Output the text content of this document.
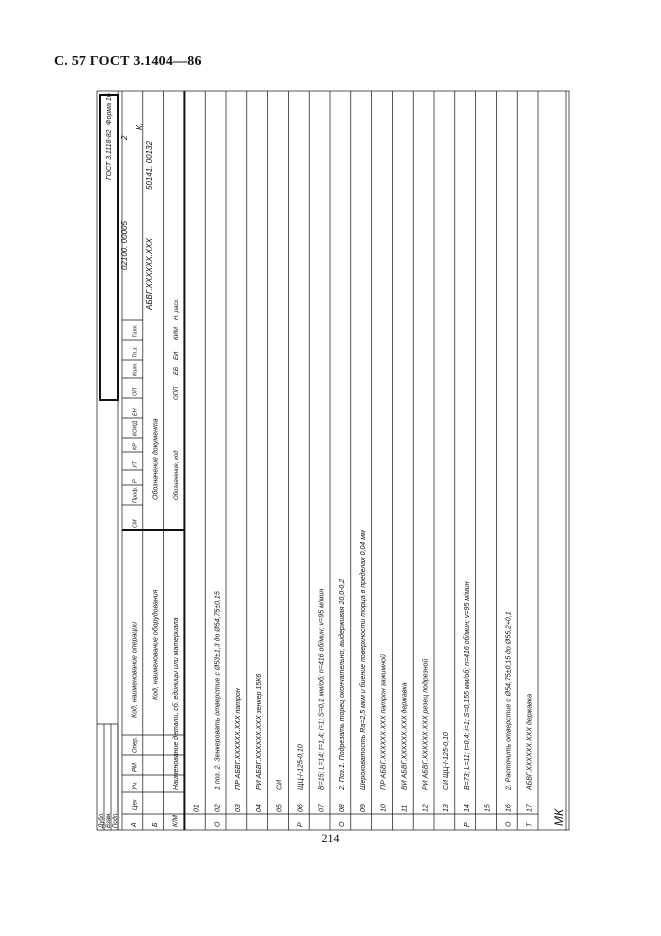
С. 57 ГОСТ 3.1404—86
Дубл. Взам. Подп.
Цех
Уч.
РМ
Опер.
Код, наименование операции Код, наименование оборудования Наименование детали, сб. единицы или материала
СМ
Проф.
Р
УТ
КР
КОИД
ЕН
ОП
Кшт.
Тп.з.
Тшт.
Обозначение документа Обозначение, код
ОПП
ЕВ
ЕИ
КИМ
Н. расх.
ГОСТ 3.1118-82
Форма 1б
02100. 00005
2
АБВГ.ХХХХХХ.ХХХ
К.
50141. 00132
А Б К/М
01
О
02
1 поз. 2. Зенкеровать отверстие с Ø53±1,3 до Ø54,75±0,15
03
ПР АБВГ.XXXXXX.XXX патрон
04
РИ АБВГ.XXXXXX.XXX зенкер 15К6
05
СИ
Р
06
ЩЦ-I-125-0,10
07
В=15; L=14; t=1,4; i=1; S=0,1 мм/об; n=416 об/мин; v=95 м/мин
О
08
2. Поз.1. Подрезать торец окончательно, выдерживая 20,0-0,2
09
Шероховатость Ra=2,5 мкм и биение поверхности торца в пределах 0,04 мм
10
ПР АБВГ.XXXXXX.XXX патрон зажимной
11
ВИ АБВГ.XXXXXX.XXX державка
12
РИ АБВГ.XXXXXX.XXX резец подрезной
13
СИ ЩЦ-I-125-0,10
Р
14
В=73; L=11; t=0,4; i=1; S=0,155 мм/об; n=416 об/мин; v=95 м/мин
15
О
16
2. Расточить отверстие с Ø54,75±0,15 до Ø55,2+0,1
Т
17
АБВГ.XXXXXX.XXX державка
МК
214
